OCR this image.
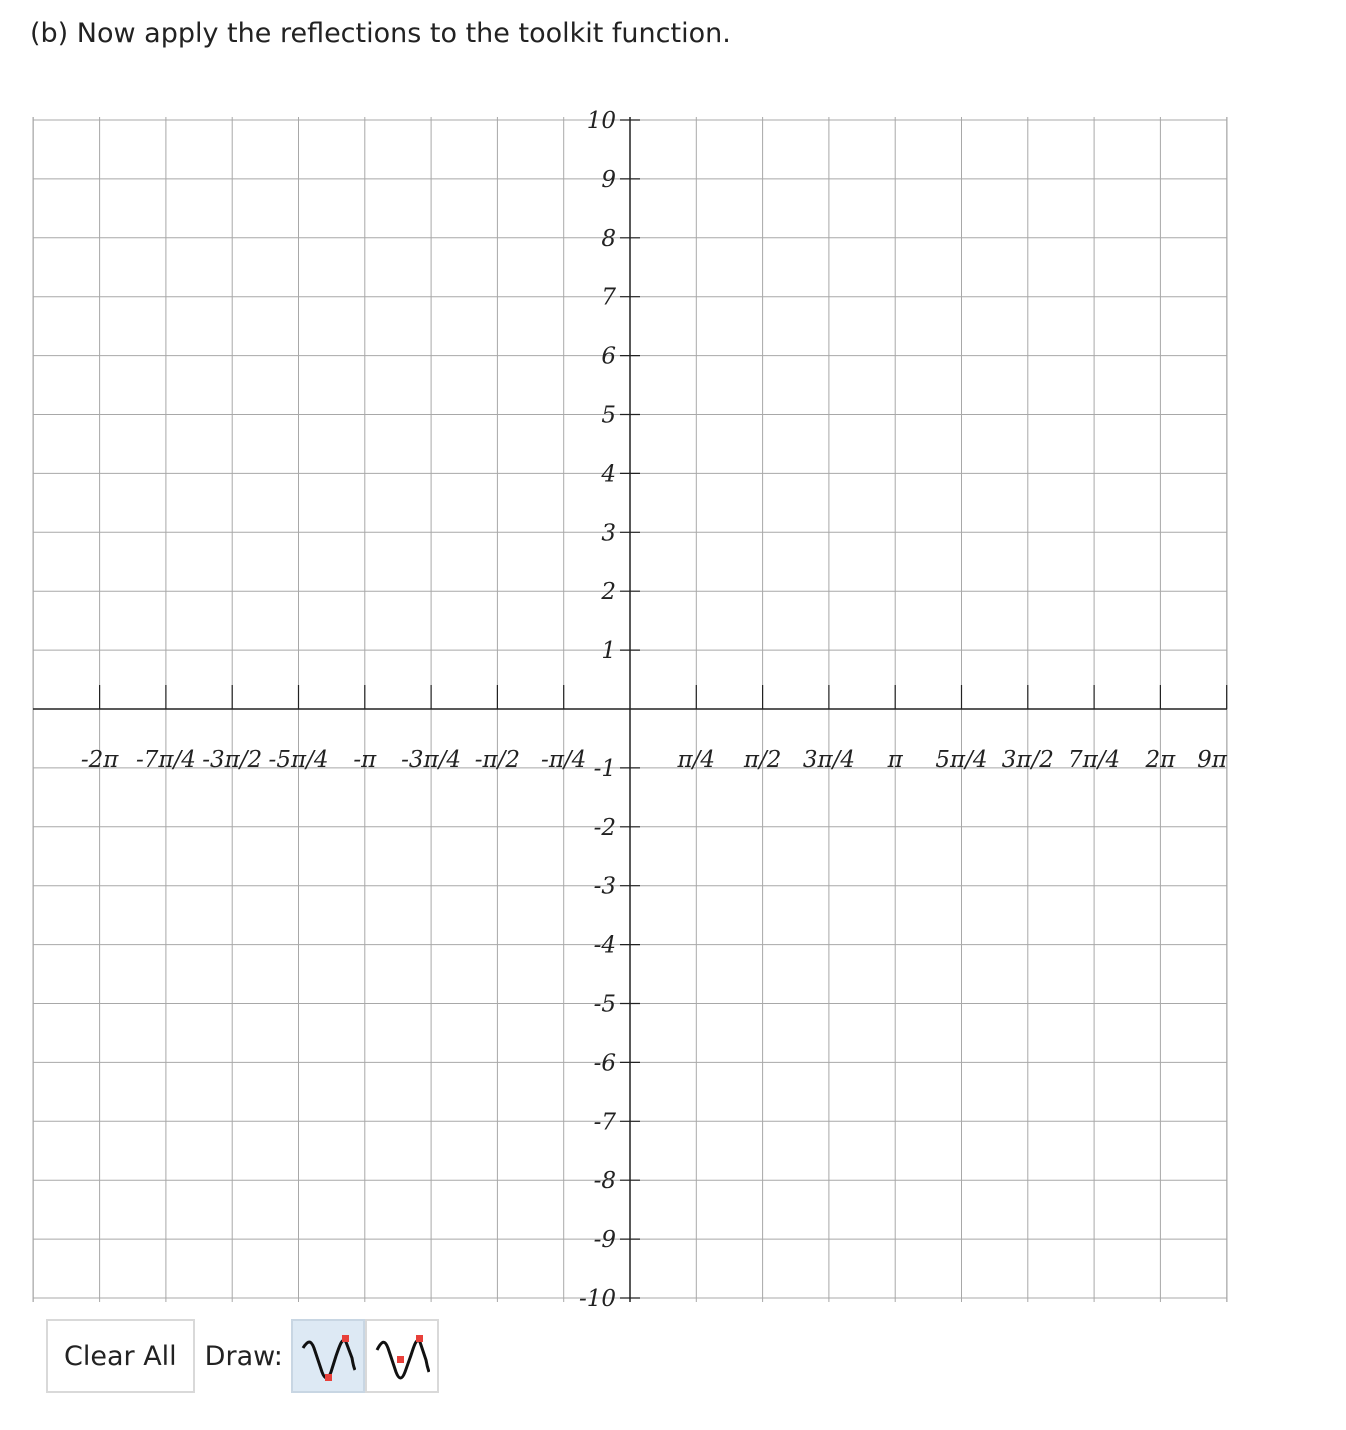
(b) Now apply the reflections to the toolkit function.
-2π -7π/4 -3π/2 -5π/4 -π -3π/4 -π/2 -π/4	π/4 π/2 3π/4 π 5π/4 3π/2 7π/4 2π 9π
10
9
8
7
6
5
4
3
2
1
-1
-2
-3
-4
-5
-6
-7
-8
-9
-10
Clear All	Draw:
